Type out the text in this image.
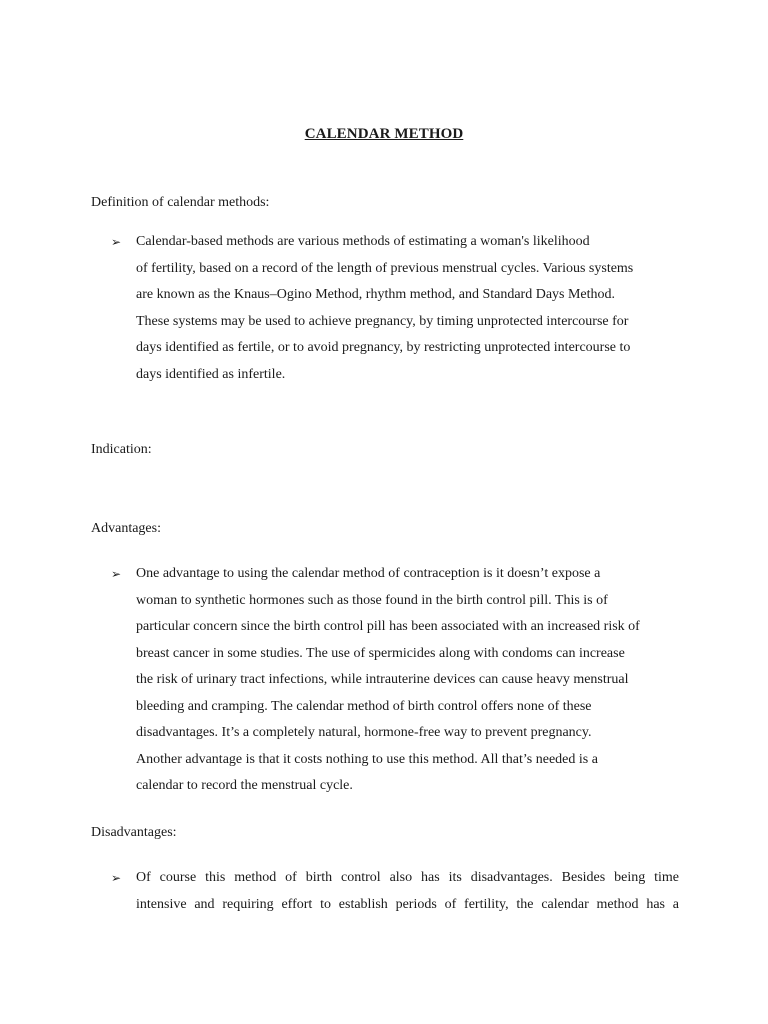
CALENDAR METHOD
Definition of calendar methods:
➢ Calendar-based methods are various methods of estimating a woman's likelihood

of fertility, based on a record of the length of previous menstrual cycles. Various systems

are known as the Knaus–Ogino Method, rhythm method, and Standard Days Method.

These systems may be used to achieve pregnancy, by timing unprotected intercourse for

days identified as fertile, or to avoid pregnancy, by restricting unprotected intercourse to

days identified as infertile.

Indication:
Advantages:
➢ One advantage to using the calendar method of contraception is it doesn’t expose a

woman to synthetic hormones such as those found in the birth control pill. This is of

particular concern since the birth control pill has been associated with an increased risk of

breast cancer in some studies. The use of spermicides along with condoms can increase

the risk of urinary tract infections, while intrauterine devices can cause heavy menstrual

bleeding and cramping. The calendar method of birth control offers none of these

disadvantages. It’s a completely natural, hormone-free way to prevent pregnancy.

Another advantage is that it costs nothing to use this method. All that’s needed is a

calendar to record the menstrual cycle.

Disadvantages:
➢ Of course this method of birth control also has its disadvantages. Besides being time

intensive and requiring effort to establish periods of fertility, the calendar method has a
